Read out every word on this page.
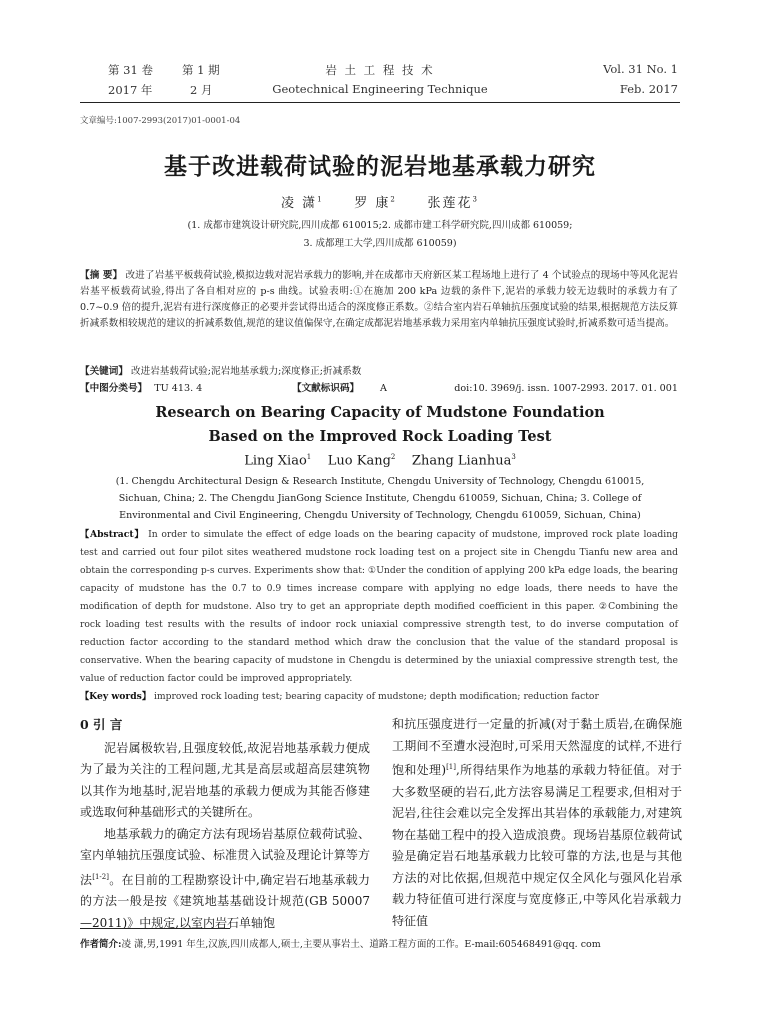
第 31 卷	第 1 期
2017 年	2 月
岩 土 工 程 技 术
Geotechnical Engineering Technique
Vol. 31 No. 1
Feb. 2017
文章编号:1007-2993(2017)01-0001-04
基于改进载荷试验的泥岩地基承载力研究
凌 潇$^1$ 罗 康$^2$ 张莲花$^3$
(1. 成都市建筑设计研究院,四川成都 610015;2. 成都市建工科学研究院,四川成都 610059;
3. 成都理工大学,四川成都 610059)
【摘 要】 改进了岩基平板载荷试验,模拟边载对泥岩承载力的影响,并在成都市天府新区某工程场地上进行了 4 个试验点的现场中等风化泥岩岩基平板载荷试验,得出了各自相对应的 p-s 曲线。试验表明:①在施加 200 kPa 边载的条件下,泥岩的承载力较无边载时的承载力有了 0.7~0.9 倍的提升,泥岩有进行深度修正的必要并尝试得出适合的深度修正系数。②结合室内岩石单轴抗压强度试验的结果,根据规范方法反算折减系数相较规范的建议的折减系数值,规范的建议值偏保守,在确定成都泥岩地基承载力采用室内单轴抗压强度试验时,折减系数可适当提高。
【关键词】 改进岩基载荷试验;泥岩地基承载力;深度修正;折减系数
【中图分类号】 TU 413. 4	【文献标识码】 A	doi:10. 3969/j. issn. 1007-2993. 2017. 01. 001
Research on Bearing Capacity of Mudstone Foundation
Based on the Improved Rock Loading Test
Ling Xiao$^1$ Luo Kang$^2$ Zhang Lianhua$^3$
(1. Chengdu Architectural Design & Research Institute, Chengdu University of Technology, Chengdu 610015,
Sichuan, China; 2. The Chengdu JianGong Science Institute, Chengdu 610059, Sichuan, China; 3. College of
Environmental and Civil Engineering, Chengdu University of Technology, Chengdu 610059, Sichuan, China)
【Abstract】 In order to simulate the effect of edge loads on the bearing capacity of mudstone, improved rock plate loading test and carried out four pilot sites weathered mudstone rock loading test on a project site in Chengdu Tianfu new area and obtain the corresponding p-s curves. Experiments show that: ①Under the condition of applying 200 kPa edge loads, the bearing capacity of mudstone has the 0.7 to 0.9 times increase compare with applying no edge loads, there needs to have the modification of depth for mudstone. Also try to get an appropriate depth modified coefficient in this paper. ②Combining the rock loading test results with the results of indoor rock uniaxial compressive strength test, to do inverse computation of reduction factor according to the standard method which draw the conclusion that the value of the standard proposal is conservative. When the bearing capacity of mudstone in Chengdu is determined by the uniaxial compressive strength test, the value of reduction factor could be improved appropriately.
【Key words】 improved rock loading test; bearing capacity of mudstone; depth modification; reduction factor
0 引 言

泥岩属极软岩,且强度较低,故泥岩地基承载力便成为了最为关注的工程问题,尤其是高层或超高层建筑物以其作为地基时,泥岩地基的承载力便成为其能否修建或选取何种基础形式的关键所在。

地基承载力的确定方法有现场岩基原位载荷试验、室内单轴抗压强度试验、标准贯入试验及理论计算等方法[1-2]。在目前的工程勘察设计中,确定岩石地基承载力的方法一般是按《建筑地基基础设计规范(GB 50007—2011)》中规定,以室内岩石单轴饱

和抗压强度进行一定量的折减(对于黏土质岩,在确保施工期间不至遭水浸泡时,可采用天然湿度的试样,不进行饱和处理)[1],所得结果作为地基的承载力特征值。对于大多数坚硬的岩石,此方法容易满足工程要求,但相对于泥岩,往往会难以完全发挥出其岩体的承载能力,对建筑物在基础工程中的投入造成浪费。现场岩基原位载荷试验是确定岩石地基承载力比较可靠的方法,也是与其他方法的对比依据,但规范中规定仅全风化与强风化岩承载力特征值可进行深度与宽度修正,中等风化岩承载力特征值

作者简介:凌 潇,男,1991 年生,汉族,四川成都人,硕士,主要从事岩土、道路工程方面的工作。E-mail:605468491@qq. com
